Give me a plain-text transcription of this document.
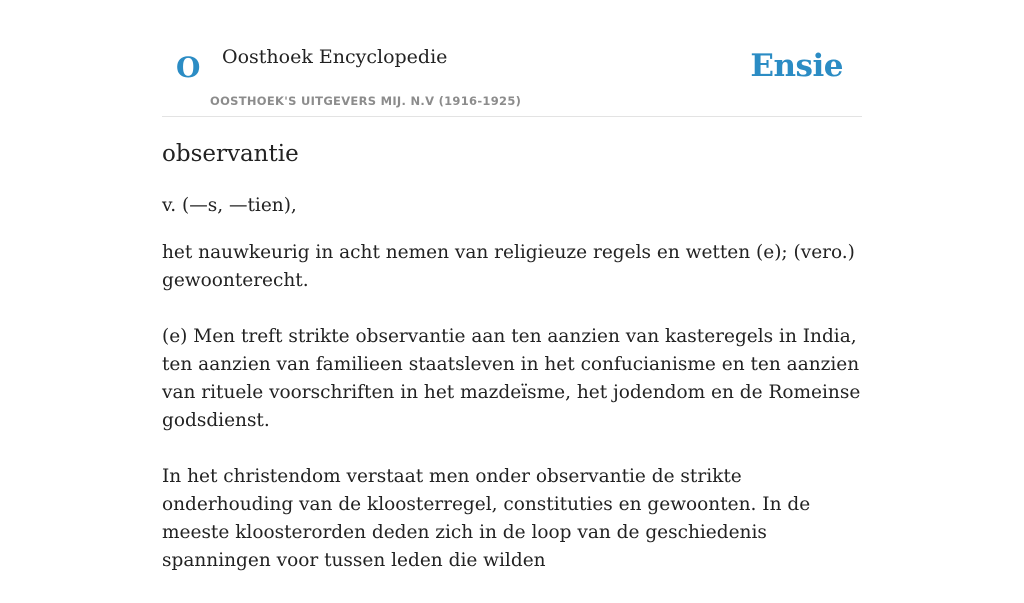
O Oosthoek Encyclopedie
OOSTHOEK'S UITGEVERS MIJ. N.V (1916-1925)
Ensie
observantie

v. (—s, —tien),

het nauwkeurig in acht nemen van religieuze regels en wetten (e); (vero.) gewoonterecht.

(e) Men treft strikte observantie aan ten aanzien van kasteregels in India, ten aanzien van familieen staatsleven in het confucianisme en ten aanzien van rituele voorschriften in het mazdeïsme, het jodendom en de Romeinse godsdienst.

In het christendom verstaat men onder observantie de strikte onderhouding van de kloosterregel, constituties en gewoonten. In de meeste kloosterorden deden zich in de loop van de geschiedenis spanningen voor tussen leden die wilden
